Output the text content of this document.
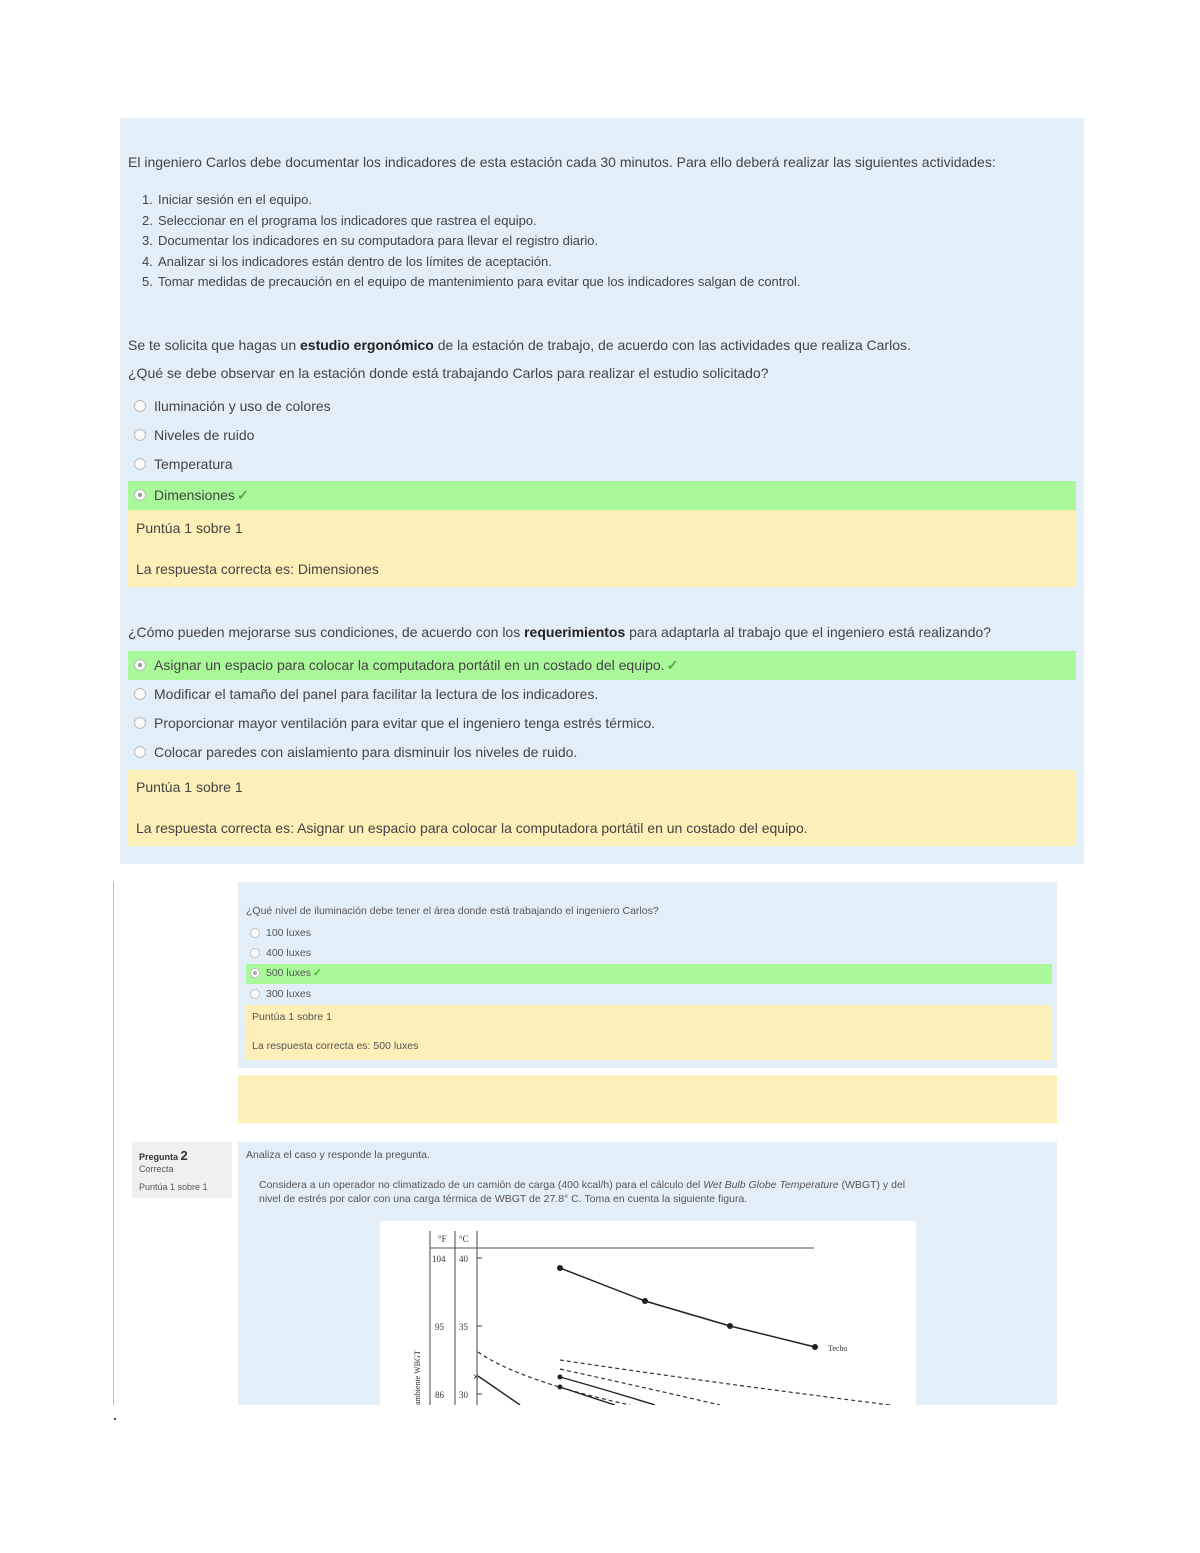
El ingeniero Carlos debe documentar los indicadores de esta estación cada 30 minutos. Para ello deberá realizar las siguientes actividades:
1. Iniciar sesión en el equipo.
2. Seleccionar en el programa los indicadores que rastrea el equipo.
3. Documentar los indicadores en su computadora para llevar el registro diario.
4. Analizar si los indicadores están dentro de los límites de aceptación.
5. Tomar medidas de precaución en el equipo de mantenimiento para evitar que los indicadores salgan de control.
Se te solicita que hagas un estudio ergonómico de la estación de trabajo, de acuerdo con las actividades que realiza Carlos.
¿Qué se debe observar en la estación donde está trabajando Carlos para realizar el estudio solicitado?
Iluminación y uso de colores
Niveles de ruido
Temperatura
Dimensiones ✓
Puntúa 1 sobre 1
La respuesta correcta es: Dimensiones
¿Cómo pueden mejorarse sus condiciones, de acuerdo con los requerimientos para adaptarla al trabajo que el ingeniero está realizando?
Asignar un espacio para colocar la computadora portátil en un costado del equipo. ✓
Modificar el tamaño del panel para facilitar la lectura de los indicadores.
Proporcionar mayor ventilación para evitar que el ingeniero tenga estrés térmico.
Colocar paredes con aislamiento para disminuir los niveles de ruido.
Puntúa 1 sobre 1
La respuesta correcta es: Asignar un espacio para colocar la computadora portátil en un costado del equipo.
¿Qué nivel de iluminación debe tener el área donde está trabajando el ingeniero Carlos?
100 luxes
400 luxes
500 luxes ✓
300 luxes
Puntúa 1 sobre 1
La respuesta correcta es: 500 luxes
Pregunta 2
Correcta
Puntúa 1 sobre 1
Analiza el caso y responde la pregunta.
Considera a un operador no climatizado de un camión de carga (400 kcal/h) para el cálculo del Wet Bulb Globe Temperature (WBGT) y del
nivel de estrés por calor con una carga térmica de WBGT de 27.8° C. Toma en cuenta la siguiente figura.
°F °C
104
95
86
40
35
30
ambiente WBGT
Techo
×
